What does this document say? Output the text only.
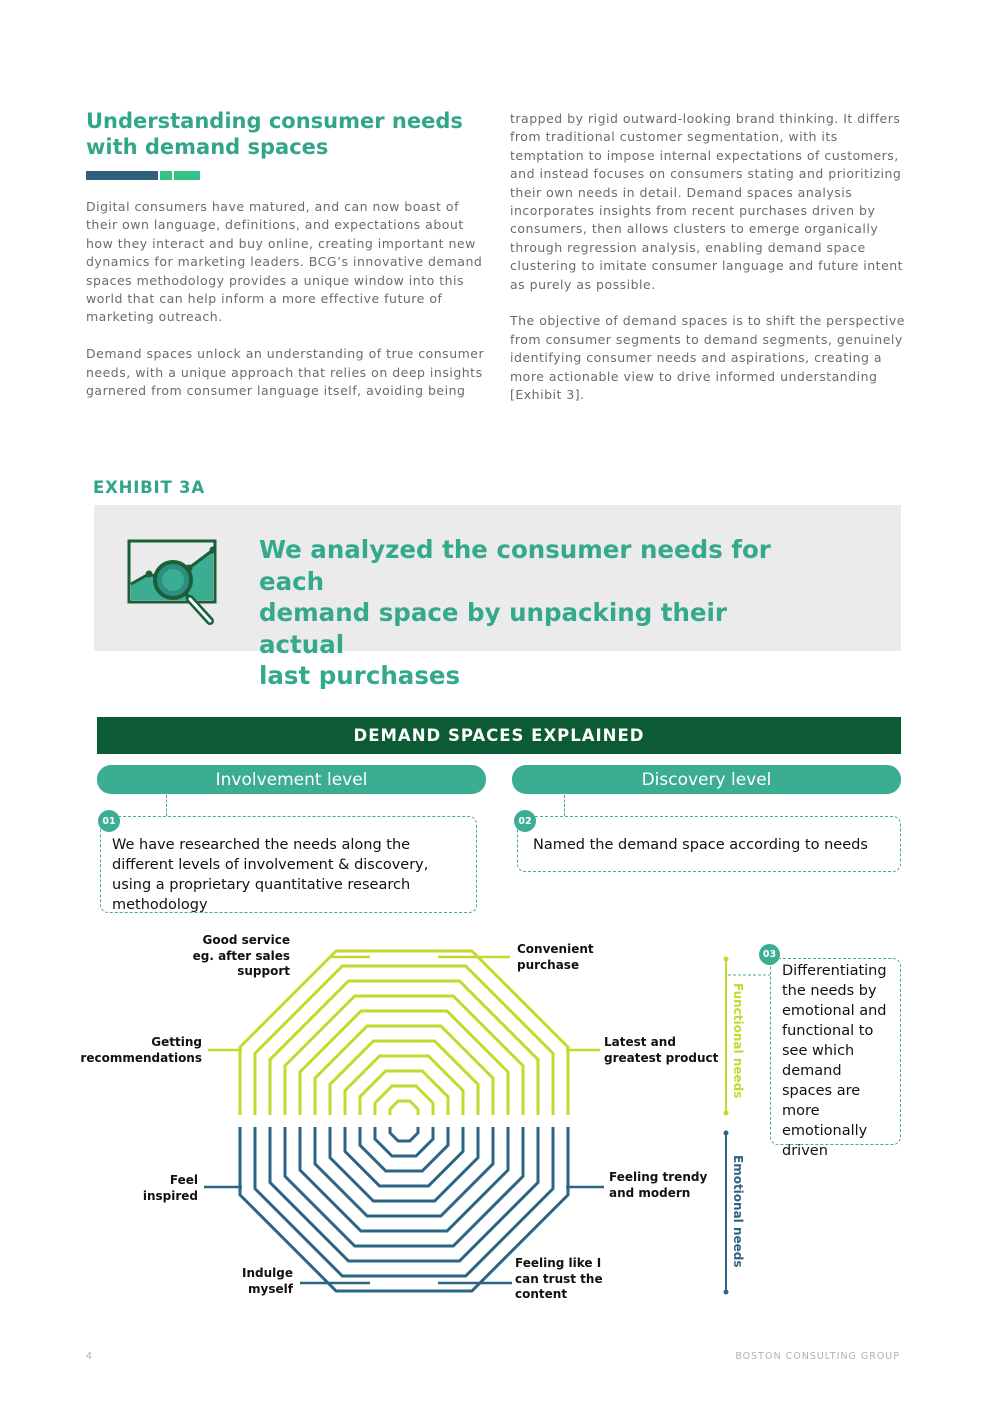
Understanding consumer needs
with demand spaces

Digital consumers have matured, and can now boast of their own language, definitions, and expectations about how they interact and buy online, creating important new dynamics for marketing leaders. BCG’s innovative demand spaces methodology provides a unique window into this world that can help inform a more effective future of marketing outreach.

Demand spaces unlock an understanding of true consumer needs, with a unique approach that relies on deep insights garnered from consumer language itself, avoiding being

trapped by rigid outward-looking brand thinking. It differs from traditional customer segmentation, with its temptation to impose internal expectations of customers, and instead focuses on consumers stating and prioritizing their own needs in detail. Demand spaces analysis incorporates insights from recent purchases driven by consumers, then allows clusters to emerge organically through regression analysis, enabling demand space clustering to imitate consumer language and future intent as purely as possible.

The objective of demand spaces is to shift the perspective from consumer segments to demand segments, genuinely identifying consumer needs and aspirations, creating a more actionable view to drive informed understanding [Exhibit 3].

EXHIBIT 3A
We analyzed the consumer needs for each
demand space by unpacking their actual
last purchases
DEMAND SPACES EXPLAINED
Involvement level	Discovery level
We have researched the needs along the different levels of involvement & discovery, using a proprietary quantitative research methodology
01
Named the demand space according to needs
02
Good service
eg. after sales
support
Convenient
purchase
Getting
recommendations
Latest and
greatest product
Feel
inspired
Feeling trendy
and modern
Indulge
myself
Feeling like I
can trust the
content
Functional needs
Emotional needs
Differentiating the needs by emotional and functional to see which demand spaces are more emotionally driven
03
4	BOSTON CONSULTING GROUP
